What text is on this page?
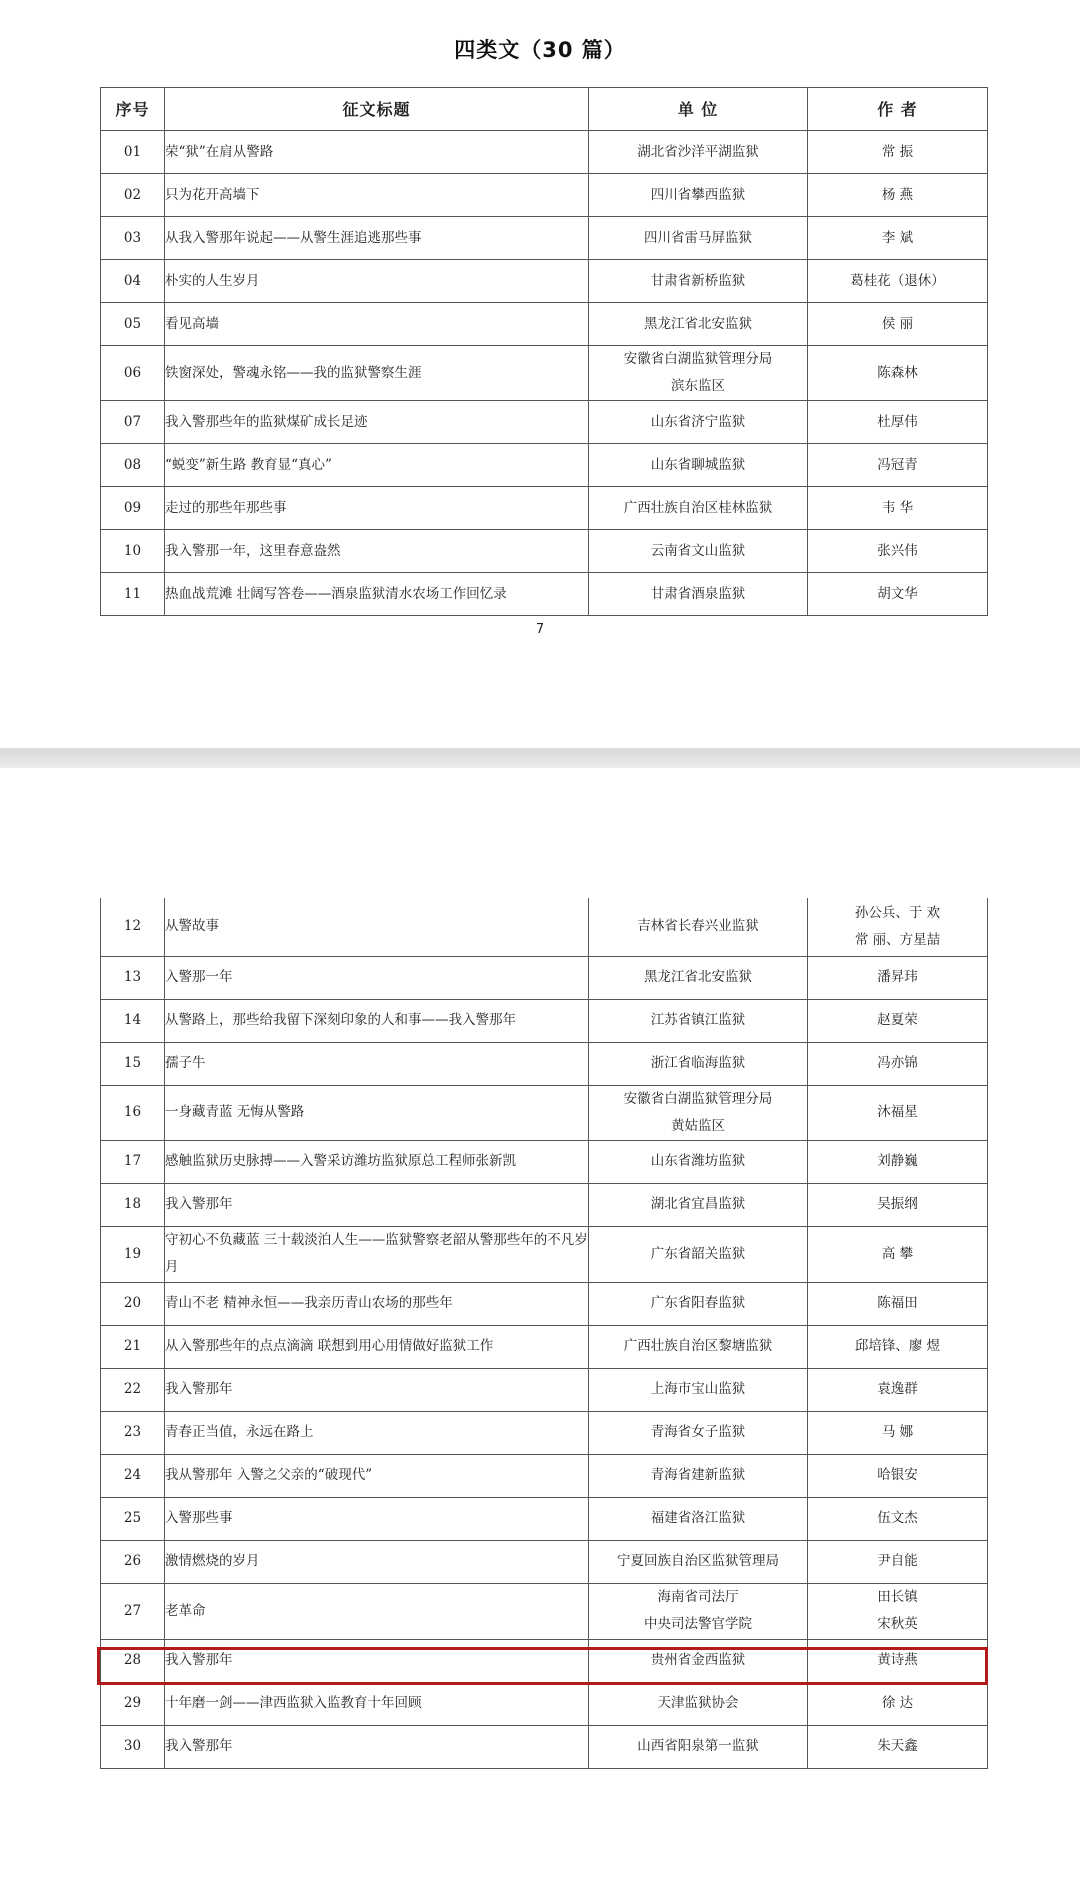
四类文（30 篇）
序号	征文标题	单 位	作 者

01	荣“狱”在肩从警路	湖北省沙洋平湖监狱	常 振

02	只为花开高墙下	四川省攀西监狱	杨 燕

03	从我入警那年说起——从警生涯追逃那些事	四川省雷马屏监狱	李 斌

04	朴实的人生岁月	甘肃省新桥监狱	葛桂花（退休）

05	看见高墙	黑龙江省北安监狱	侯 丽

06	铁窗深处，警魂永铭——我的监狱警察生涯	安徽省白湖监狱管理分局
滨东监区	陈森林

07	我入警那些年的监狱煤矿成长足迹	山东省济宁监狱	杜厚伟

08	“蜕变”新生路 教育显“真心”	山东省聊城监狱	冯冠青

09	走过的那些年那些事	广西壮族自治区桂林监狱	韦 华

10	我入警那一年，这里春意盎然	云南省文山监狱	张兴伟

11	热血战荒滩 壮阔写答卷——酒泉监狱清水农场工作回忆录	甘肃省酒泉监狱	胡文华
7
12	从警故事	吉林省长春兴业监狱	孙公兵、于 欢
常 丽、方星喆

13	入警那一年	黑龙江省北安监狱	潘昇玮

14	从警路上，那些给我留下深刻印象的人和事——我入警那年	江苏省镇江监狱	赵夏荣

15	孺子牛	浙江省临海监狱	冯亦锦

16	一身藏青蓝 无悔从警路	安徽省白湖监狱管理分局
黄姑监区	沐福星

17	感触监狱历史脉搏——入警采访潍坊监狱原总工程师张新凯	山东省潍坊监狱	刘静巍

18	我入警那年	湖北省宜昌监狱	吴振纲

19	守初心不负藏蓝 三十载淡泊人生——监狱警察老韶从警那些年的不凡岁月	广东省韶关监狱	高 攀

20	青山不老 精神永恒——我亲历青山农场的那些年	广东省阳春监狱	陈福田

21	从入警那些年的点点滴滴 联想到用心用情做好监狱工作	广西壮族自治区黎塘监狱	邱培锋、廖 煜

22	我入警那年	上海市宝山监狱	袁逸群

23	青春正当值，永远在路上	青海省女子监狱	马 娜

24	我从警那年 入警之父亲的“破现代”	青海省建新监狱	哈银安

25	入警那些事	福建省洛江监狱	伍文杰

26	激情燃烧的岁月	宁夏回族自治区监狱管理局	尹自能

27	老革命	海南省司法厅
中央司法警官学院	田长镇
宋秋英

28	我入警那年	贵州省金西监狱	黄诗燕

29	十年磨一剑——津西监狱入监教育十年回顾	天津监狱协会	徐 达

30	我入警那年	山西省阳泉第一监狱	朱天鑫
